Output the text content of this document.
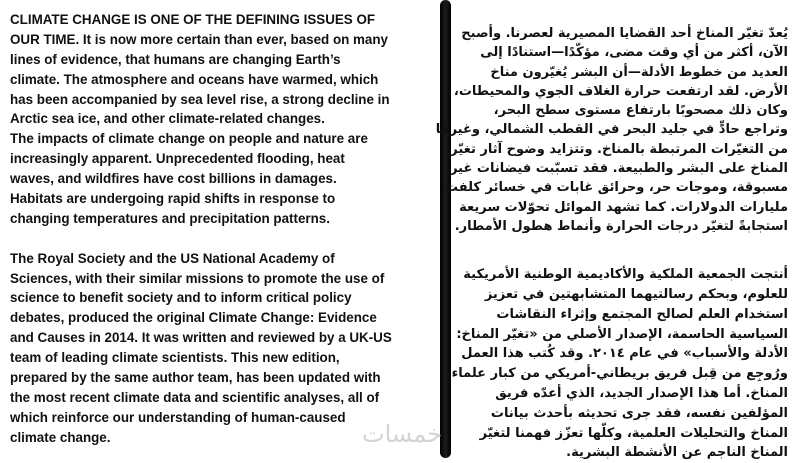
CLIMATE CHANGE IS ONE OF THE DEFINING ISSUES OF
OUR TIME. It is now more certain than ever, based on many
lines of evidence, that humans are changing Earth’s
climate. The atmosphere and oceans have warmed, which
has been accompanied by sea level rise, a strong decline in
Arctic sea ice, and other climate-related changes.
The impacts of climate change on people and nature are
increasingly apparent. Unprecedented flooding, heat
waves, and wildfires have cost billions in damages.
Habitats are undergoing rapid shifts in response to
changing temperatures and precipitation patterns.
The Royal Society and the US National Academy of
Sciences, with their similar missions to promote the use of
science to benefit society and to inform critical policy
debates, produced the original Climate Change: Evidence
and Causes in 2014. It was written and reviewed by a UK-US
team of leading climate scientists. This new edition,
prepared by the same author team, has been updated with
the most recent climate data and scientific analyses, all of
which reinforce our understanding of human-caused
climate change.
يُعدّ تغيّر المناخ أحد القضايا المصيرية لعصرنا. وأصبح
الآن، أكثر من أي وقت مضى، مؤكّدًا—استنادًا إلى
العديد من خطوط الأدلة—أن البشر يُغيّرون مناخ
الأرض. لقد ارتفعت حرارة الغلاف الجوي والمحيطات،
وكان ذلك مصحوبًا بارتفاع مستوى سطح البحر،
وتراجع حادٍّ في جليد البحر في القطب الشمالي، وغيرها
من التغيّرات المرتبطة بالمناخ. وتتزايد وضوح آثار تغيّر
المناخ على البشر والطبيعة. فقد تسبّبت فيضانات غير
مسبوقة، وموجات حر، وحرائق غابات في خسائر كلفت
مليارات الدولارات. كما تشهد الموائل تحوّلات سريعة
استجابةً لتغيّر درجات الحرارة وأنماط هطول الأمطار.
أنتجت الجمعية الملكية والأكاديمية الوطنية الأمريكية
للعلوم، وبحكم رسالتيهما المتشابهتين في تعزيز
استخدام العلم لصالح المجتمع وإثراء النقاشات
السياسية الحاسمة، الإصدار الأصلي من «تغيّر المناخ:
الأدلة والأسباب» في عام ٢٠١٤. وقد كُتب هذا العمل
ورُوجِع من قِبل فريق بريطاني-أمريكي من كبار علماء
المناخ. أما هذا الإصدار الجديد، الذي أعدّه فريق
المؤلفين نفسه، فقد جرى تحديثه بأحدث بيانات
المناخ والتحليلات العلمية، وكلّها تعزّز فهمنا لتغيّر
المناخ الناجم عن الأنشطة البشرية.
خمسات
